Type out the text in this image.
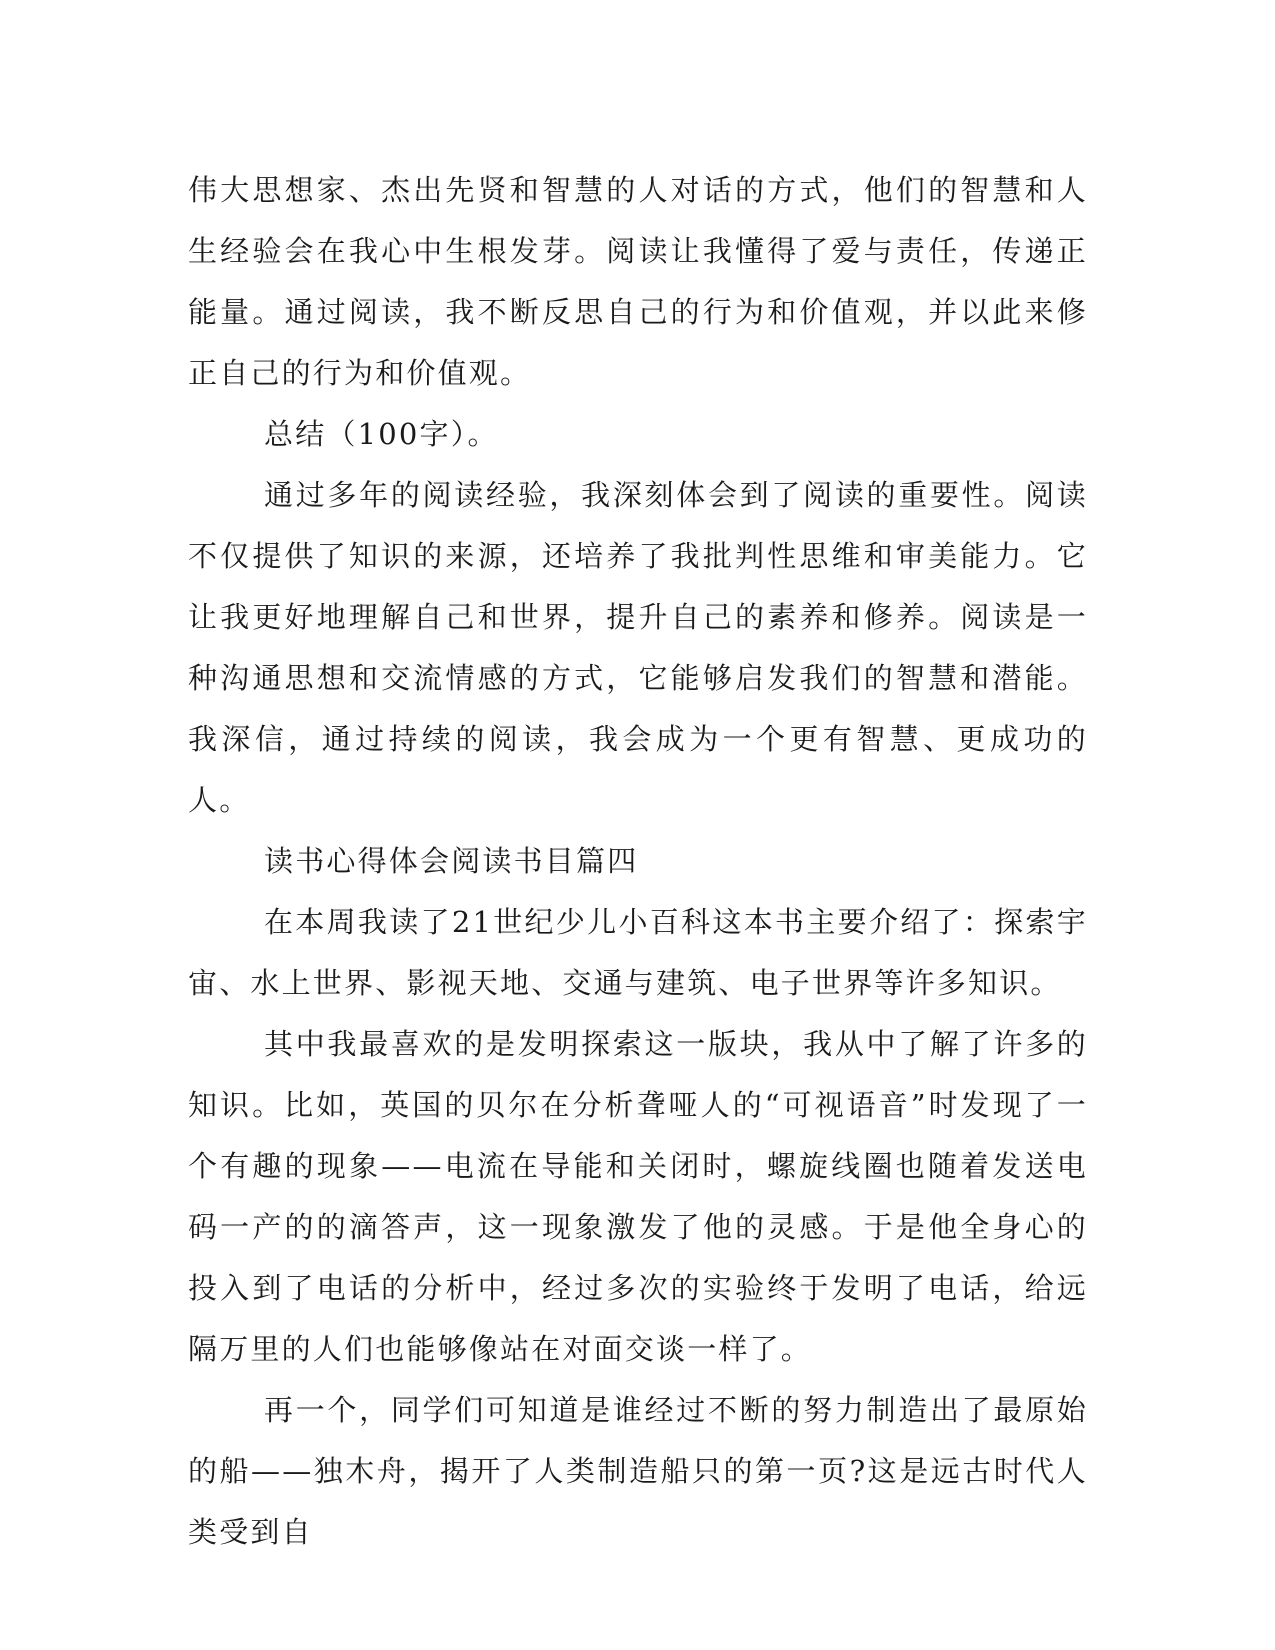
伟大思想家、杰出先贤和智慧的人对话的方式，他们的智慧和人生经验会在我心中生根发芽。阅读让我懂得了爱与责任，传递正能量。通过阅读，我不断反思自己的行为和价值观，并以此来修正自己的行为和价值观。

总结（100字）。

通过多年的阅读经验，我深刻体会到了阅读的重要性。阅读不仅提供了知识的来源，还培养了我批判性思维和审美能力。它让我更好地理解自己和世界，提升自己的素养和修养。阅读是一种沟通思想和交流情感的方式，它能够启发我们的智慧和潜能。我深信，通过持续的阅读，我会成为一个更有智慧、更成功的人。

读书心得体会阅读书目篇四

在本周我读了21世纪少儿小百科这本书主要介绍了：探索宇宙、水上世界、影视天地、交通与建筑、电子世界等许多知识。

其中我最喜欢的是发明探索这一版块，我从中了解了许多的知识。比如，英国的贝尔在分析聋哑人的“可视语音”时发现了一个有趣的现象——电流在导能和关闭时，螺旋线圈也随着发送电码一产的的滴答声，这一现象激发了他的灵感。于是他全身心的投入到了电话的分析中，经过多次的实验终于发明了电话，给远隔万里的人们也能够像站在对面交谈一样了。

再一个，同学们可知道是谁经过不断的努力制造出了最原始的船——独木舟，揭开了人类制造船只的第一页?这是远古时代人类受到自
